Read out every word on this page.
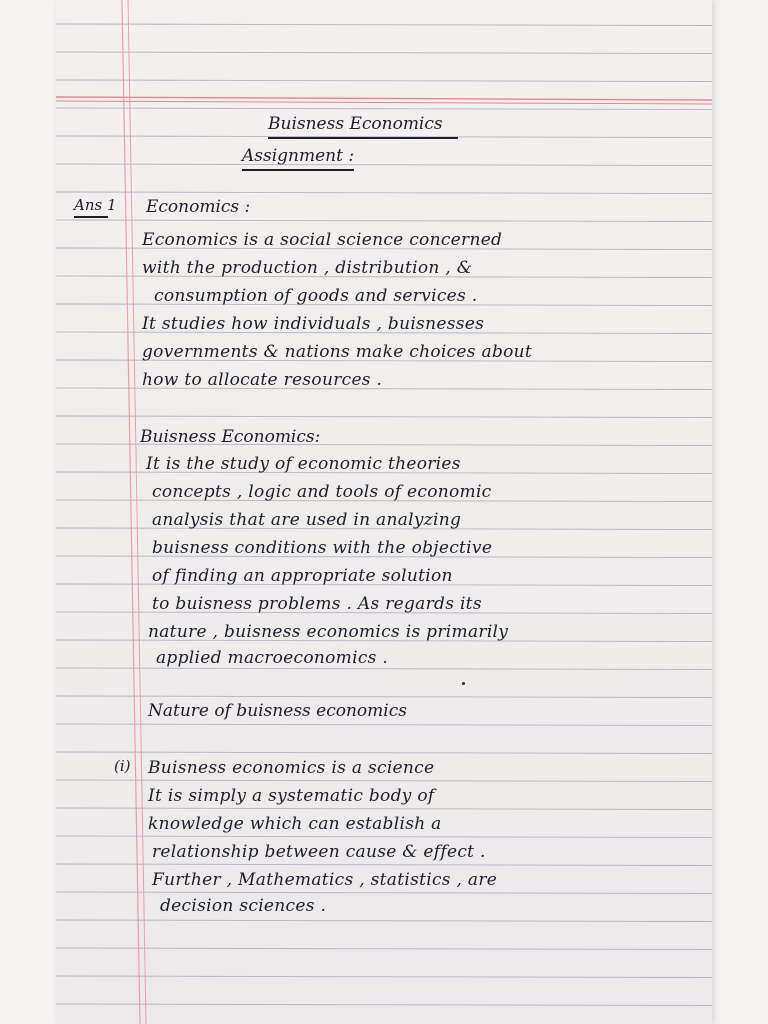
Buisness Economics
Assignment :
Ans 1 Economics :
Economics is a social science concerned
with the production , distribution , &
consumption of goods and services .
It studies how individuals , buisnesses
governments & nations make choices about
how to allocate resources .
Buisness Economics:
It is the study of economic theories
concepts , logic and tools of economic
analysis that are used in analyzing
buisness conditions with the objective
of finding an appropriate solution
to buisness problems . As regards its
nature , buisness economics is primarily
applied macroeconomics .
Nature of buisness economics
(i) Buisness economics is a science
It is simply a systematic body of
knowledge which can establish a
relationship between cause & effect .
Further , Mathematics , statistics , are
decision sciences .
